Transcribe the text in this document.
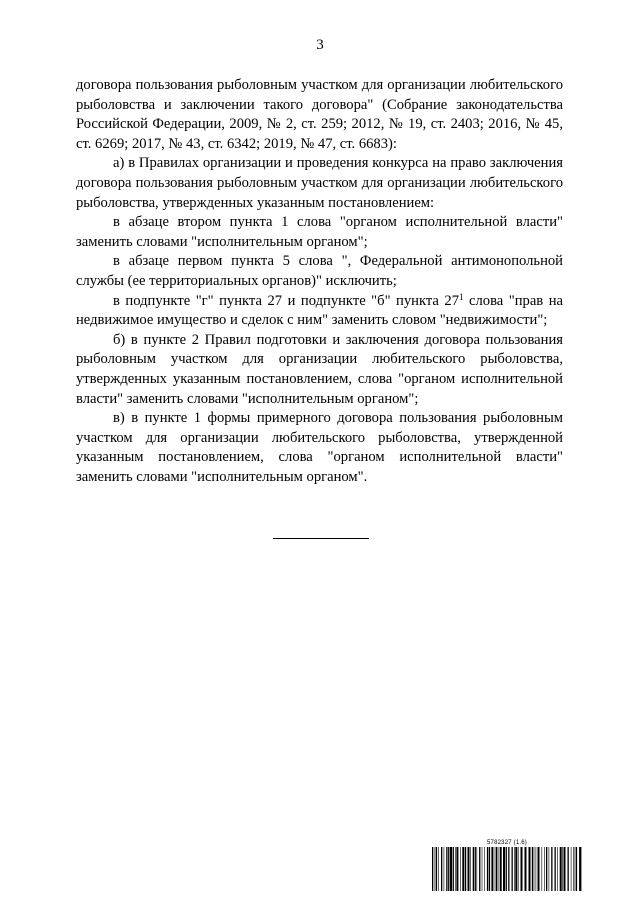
3

договора пользования рыболовным участком для организации любительского рыболовства и заключении такого договора" (Собрание законодательства Российской Федерации, 2009, № 2, ст. 259; 2012, № 19, ст. 2403; 2016, № 45, ст. 6269; 2017, № 43, ст. 6342; 2019, № 47, ст. 6683):

а) в Правилах организации и проведения конкурса на право заключения договора пользования рыболовным участком для организации любительского рыболовства, утвержденных указанным постановлением:

в абзаце втором пункта 1 слова "органом исполнительной власти" заменить словами "исполнительным органом";

в абзаце первом пункта 5 слова ", Федеральной антимонопольной службы (ее территориальных органов)" исключить;

в подпункте "г" пункта 27 и подпункте "б" пункта $27^1$ слова "прав на недвижимое имущество и сделок с ним" заменить словом "недвижимости";

б) в пункте 2 Правил подготовки и заключения договора пользования рыболовным участком для организации любительского рыболовства, утвержденных указанным постановлением, слова "органом исполнительной власти" заменить словами "исполнительным органом";

в) в пункте 1 формы примерного договора пользования рыболовным участком для организации любительского рыболовства, утвержденной указанным постановлением, слова "органом исполнительной власти" заменить словами "исполнительным органом".

5782327 (1.6)
